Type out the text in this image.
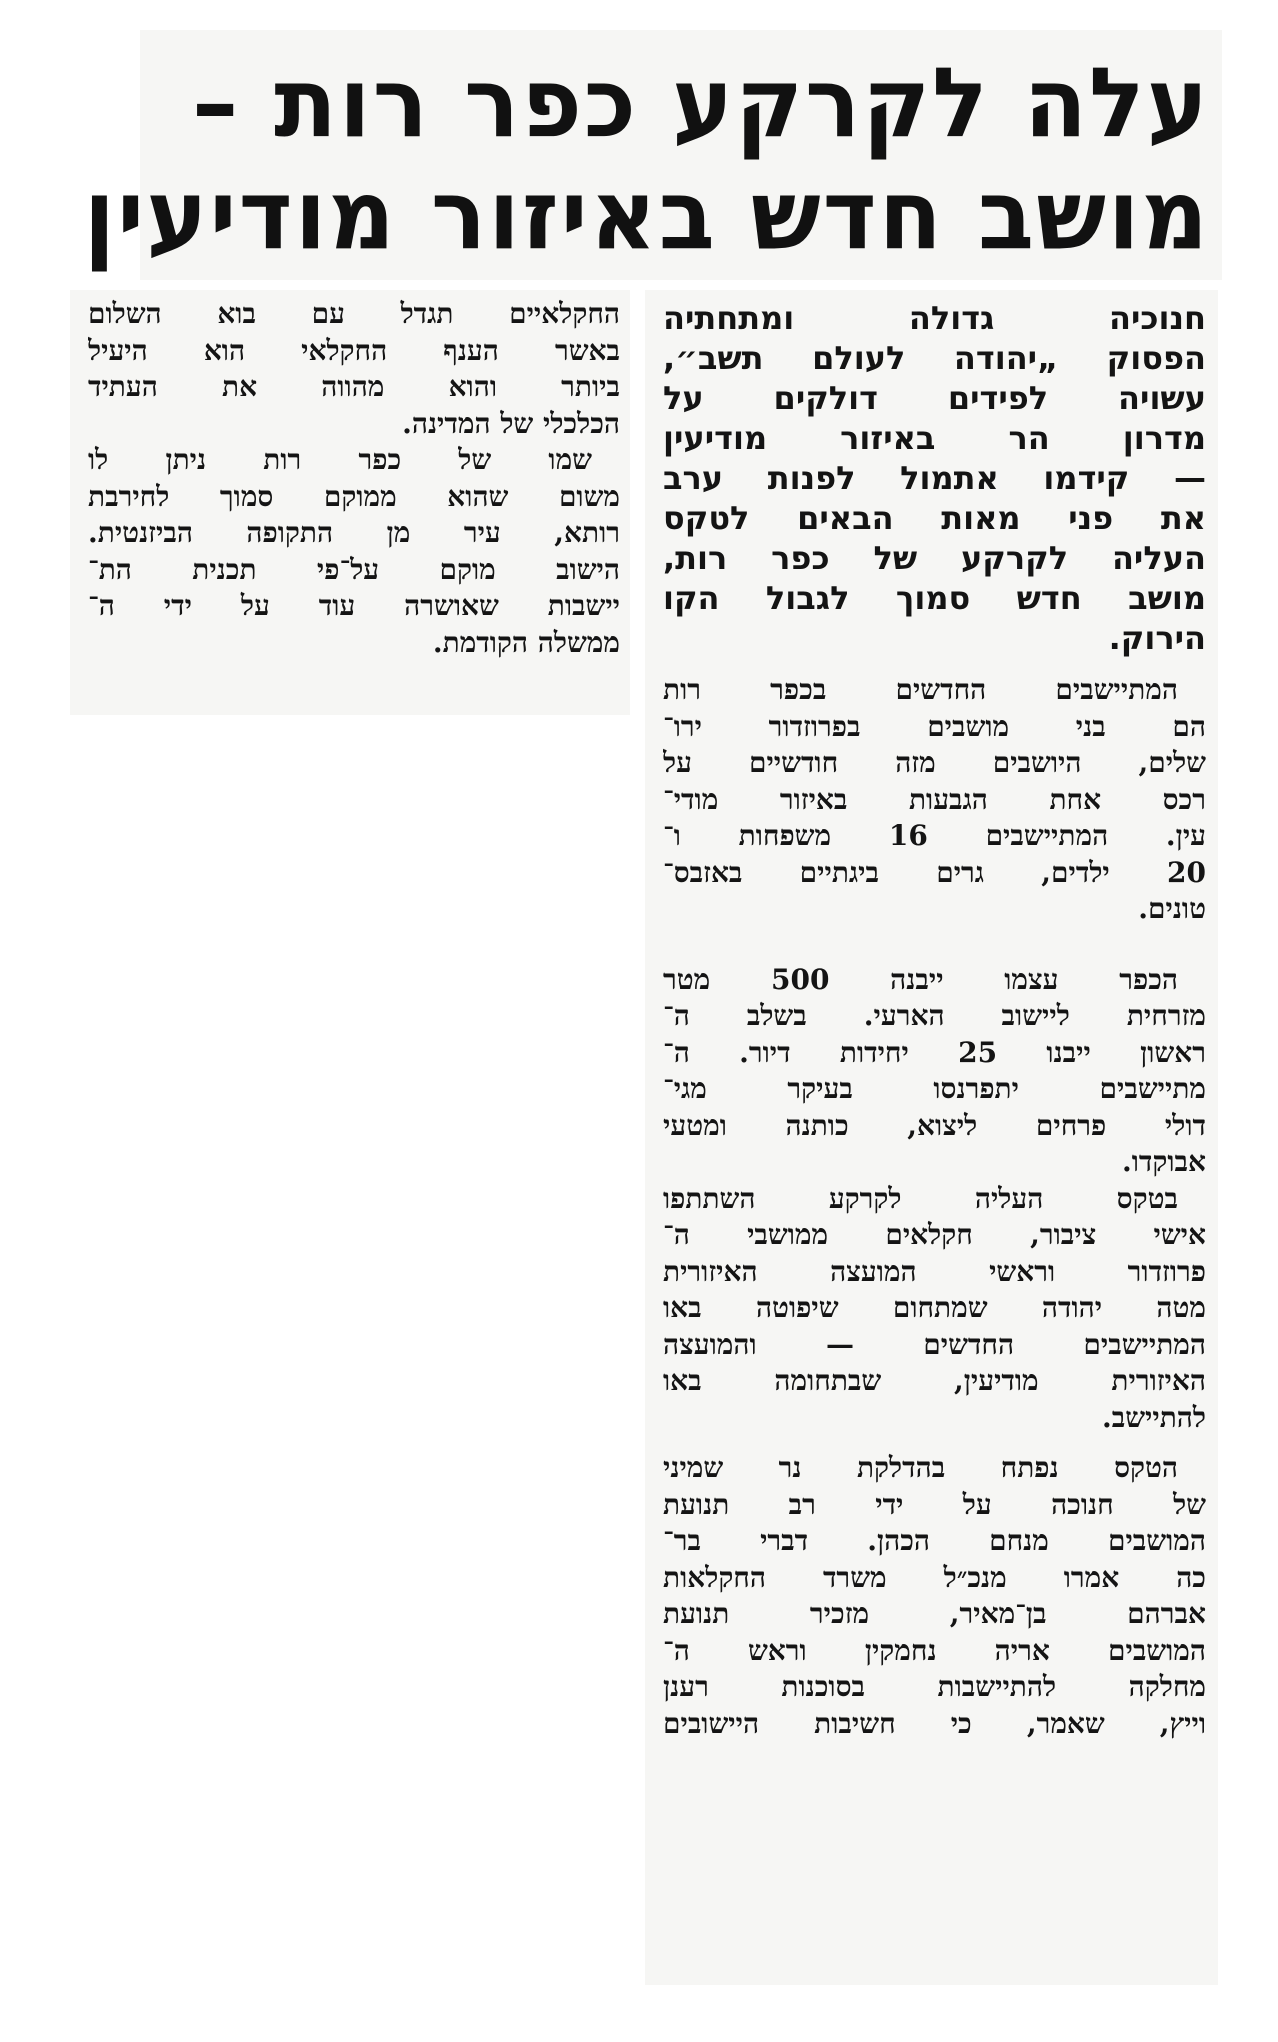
עלה לקרקע כפר רות –
מושב חדש באיזור מודיעין
חנוכיה גדולה ומתחתיה
הפסוק „יהודה לעולם תשב״,
עשויה לפידים דולקים על
מדרון הר באיזור מודיעין
— קידמו אתמול לפנות ערב
את פני מאות הבאים לטקס
העליה לקרקע של כפר רות,
מושב חדש סמוך לגבול הקו
הירוק.
המתיישבים החדשים בכפר רות
הם בני מושבים בפרוזדור ירו־
שלים, היושבים מזה חודשיים על
רכס אחת הגבעות באיזור מודי־
עין. המתיישבים 16 משפחות ו־
20 ילדים, גרים ביגתיים באזבס־
טונים.
הכפר עצמו ייבנה 500 מטר
מזרחית ליישוב הארעי. בשלב ה־
ראשון ייבנו 25 יחידות דיור. ה־
מתיישבים יתפרנסו בעיקר מגי־
דולי פרחים ליצוא, כותנה ומטעי
אבוקדו.
בטקס העליה לקרקע השתתפו
אישי ציבור, חקלאים ממושבי ה־
פרוזדור וראשי המועצה האיזורית
מטה יהודה שמתחום שיפוטה באו
המתיישבים החדשים — והמועצה
האיזורית מודיעין, שבתחומה באו
להתיישב.
הטקס נפתח בהדלקת נר שמיני
של חנוכה על ידי רב תנועת
המושבים מנחם הכהן. דברי בר־
כה אמרו מנכ״ל משרד החקלאות
אברהם בן־מאיר, מזכיר תנועת
המושבים אריה נחמקין וראש ה־
מחלקה להתיישבות בסוכנות רענן
וייץ, שאמר, כי חשיבות היישובים
החקלאיים תגדל עם בוא השלום
באשר הענף החקלאי הוא היעיל
ביותר והוא מהווה את העתיד
הכלכלי של המדינה.
שמו של כפר רות ניתן לו
משום שהוא ממוקם סמוך לחירבת
רותא, עיר מן התקופה הביזנטית.
הישוב מוקם על־פי תכנית הת־
יישבות שאושרה עוד על ידי ה־
ממשלה הקודמת.
